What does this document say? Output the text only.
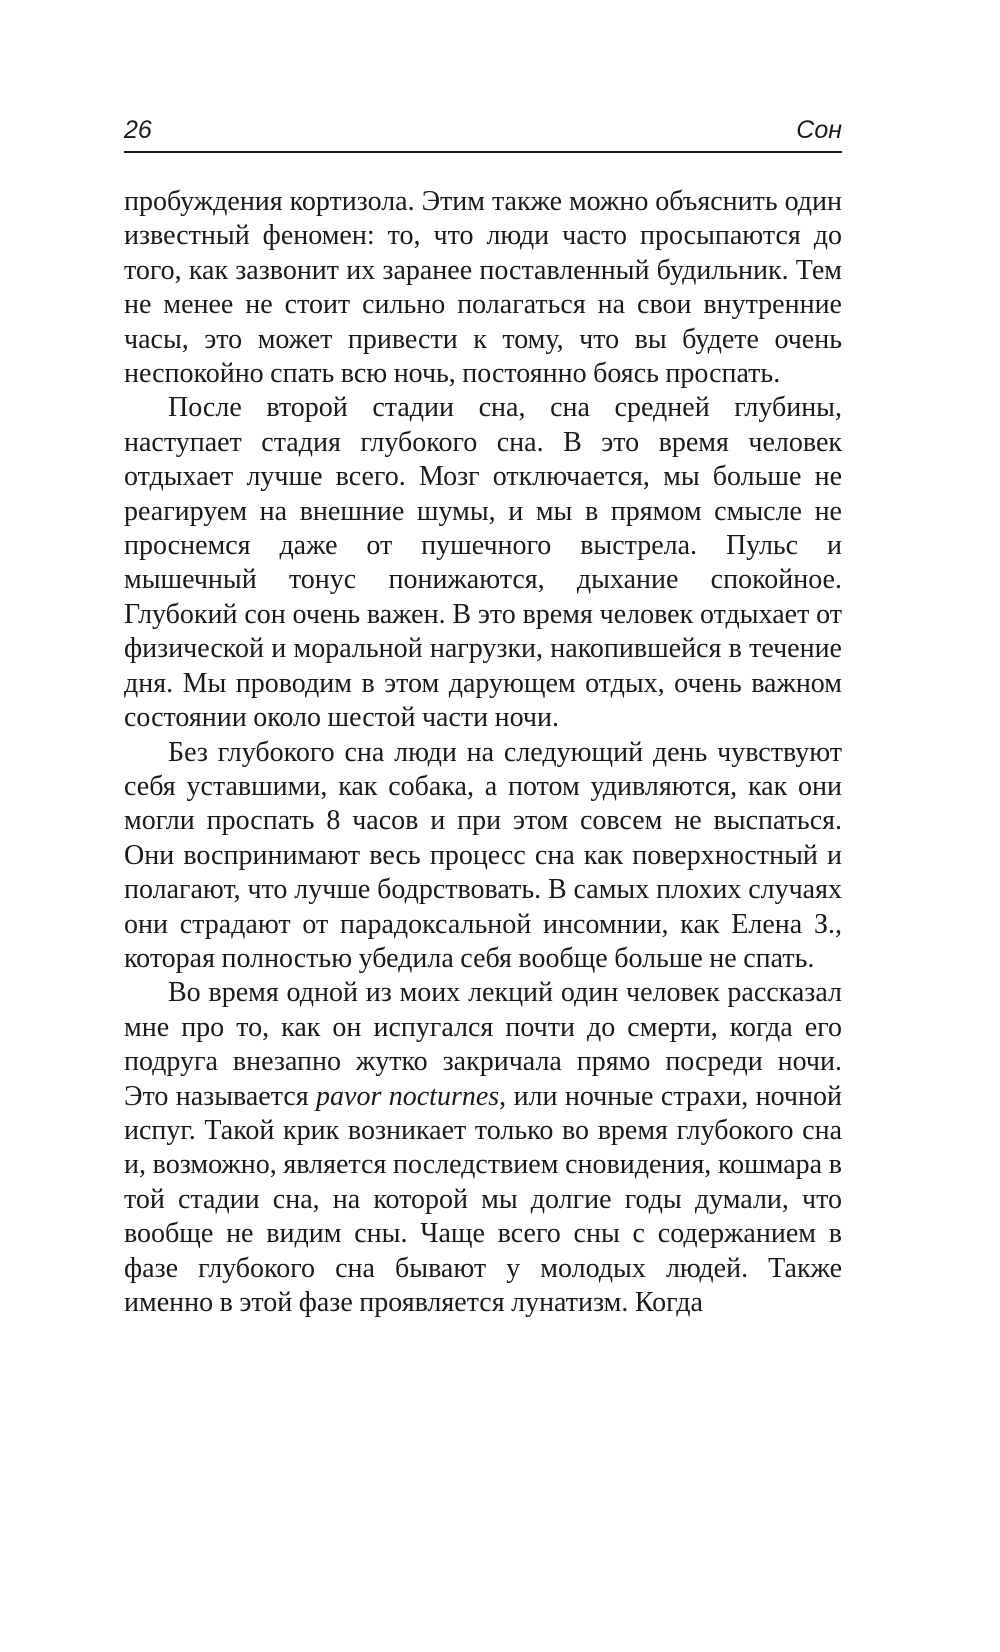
26	Сон

пробуждения кортизола. Этим также можно объяснить один известный феномен: то, что люди часто просыпаются до того, как зазвонит их заранее поставленный будильник. Тем не менее не стоит сильно полагаться на свои внутренние часы, это может привести к тому, что вы будете очень неспокойно спать всю ночь, постоянно боясь проспать.

После второй стадии сна, сна средней глубины, наступает стадия глубокого сна. В это время человек отдыхает лучше всего. Мозг отключается, мы больше не реагируем на внешние шумы, и мы в прямом смысле не проснемся даже от пушечного выстрела. Пульс и мышечный тонус понижаются, дыхание спокойное. Глубокий сон очень важен. В это время человек отдыхает от физической и моральной нагрузки, накопившейся в течение дня. Мы проводим в этом дарующем отдых, очень важном состоянии около шестой части ночи.

Без глубокого сна люди на следующий день чувствуют себя уставшими, как собака, а потом удивляются, как они могли проспать 8 часов и при этом совсем не выспаться. Они воспринимают весь процесс сна как поверхностный и полагают, что лучше бодрствовать. В самых плохих случаях они страдают от парадоксальной инсомнии, как Елена З., которая полностью убедила себя вообще больше не спать.

Во время одной из моих лекций один человек рассказал мне про то, как он испугался почти до смерти, когда его подруга внезапно жутко закричала прямо посреди ночи. Это называется pavor nocturnes, или ночные страхи, ночной испуг. Такой крик возникает только во время глубокого сна и, возможно, является последствием сновидения, кошмара в той стадии сна, на которой мы долгие годы думали, что вообще не видим сны. Чаще всего сны с содержанием в фазе глубокого сна бывают у молодых людей. Также именно в этой фазе проявляется лунатизм. Когда
